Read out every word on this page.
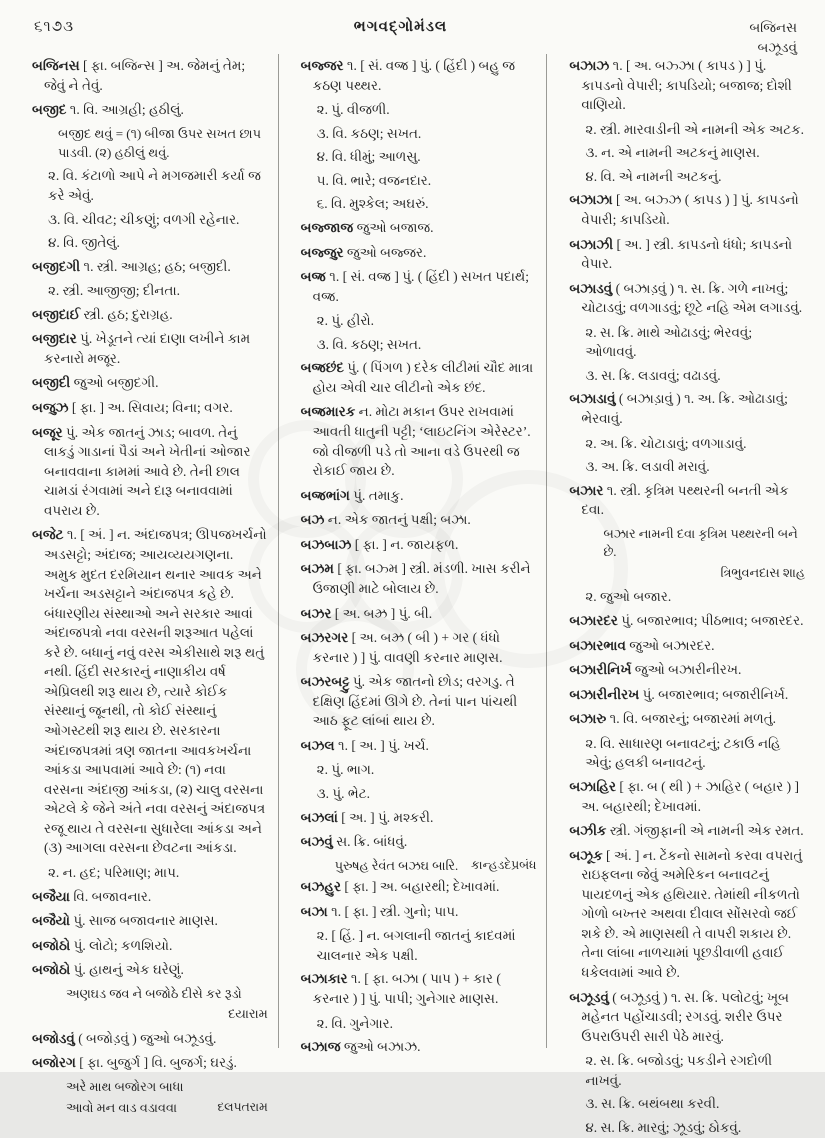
૬૧૭૩	ભગવદ્ગોમંડલ	બજિનસ
બઝૂડવું

બજિનસ [ ફા. બજિન્સ ] અ. જેમનું તેમ; જેવું ને તેવું.

બજીદ ૧. વિ. આગ્રહી; હઠીલું.

બજીદ થવું = (૧) બીજા ઉપર સખત છાપ પાડવી. (૨) હઠીલું થવું.

૨. વિ. કંટાળો આપે ને મગજમારી કર્યા જ કરે એવું.

૩. વિ. ચીવટ; ચીકણું; વળગી રહેનાર.

૪. વિ. જીતેલું.

બજીદગી ૧. સ્ત્રી. આગ્રહ; હઠ; બજીદી.

૨. સ્ત્રી. આજીજી; દીનતા.

બજીદાઈ સ્ત્રી. હઠ; દુરાગ્રહ.

બજીદાર પું. ખેડૂતને ત્યાં દાણા લખીને કામ કરનારો મજૂર.

બજીદી જુઓ બજીદગી.

બજુઝ [ ફા. ] અ. સિવાય; વિના; વગર.

બજૂર પું. એક જાતનું ઝાડ; બાવળ. તેનું લાકડું ગાડાનાં પૈડાં અને ખેતીનાં ઓજાર બનાવવાના કામમાં આવે છે. તેની છાલ ચામડાં રંગવામાં અને દારૂ બનાવવામાં વપરાય છે.

બજેટ ૧. [ અં. ] ન. અંદાજપત્ર; ઊપજખર્ચનો અડસટ્ટો; અંદાજ; આયવ્યયગણના. અમુક મુદત દરમિયાન થનાર આવક અને ખર્ચના અડસટ્ટાને અંદાજપત્ર કહે છે. બંધારણીય સંસ્થાઓ અને સરકાર આવાં અંદાજપત્રો નવા વરસની શરૂઆત પહેલાં કરે છે. બધાનું નવું વરસ એકીસાથે શરૂ થતું નથી. હિંદી સરકારનું નાણાકીય વર્ષ એપ્રિલથી શરૂ થાય છે, ત્યારે કોઈક સંસ્થાનું જૂનથી, તો કોઈ સંસ્થાનું ઓગસ્ટથી શરૂ થાય છે. સરકારના અંદાજપત્રમાં ત્રણ જાતના આવકખર્ચના આંકડા આપવામાં આવે છે: (૧) નવા વરસના અંદાજી આંકડા, (૨) ચાલુ વરસના એટલે કે જેને અંતે નવા વરસનું અંદાજપત્ર રજૂ થાય તે વરસના સુધારેલા આંકડા અને (૩) આગલા વરસના છેવટના આંકડા.

૨. ન. હદ; પરિમાણ; માપ.

બજૈયા વિ. બજાવનાર.

બજૈયો પું. સાજ બજાવનાર માણસ.

બજોઠો પું. લોટો; કળશિયો.

બજોઠો પું. હાથનું એક ઘરેણું.

અણઘડ જવ ને બજોઠે દીસે કર રૂડો

દયારામ

બજોડવું ( બજોડ઼વું ) જુઓ બઝૂડવું.

બજોરગ [ ફા. બુજુર્ગ ] વિ. બુજર્ગ; ઘરડું.

અરે માથ બજોરગ બાધા

દલપતરામ
આવો મન વાડ વડાવવા

બજ્જર ૧. [ સં. વજ્ર ] પું. ( હિંદી ) બહુ જ કઠણ પથ્થર.

૨. પું. વીજળી.

૩. વિ. કઠણ; સખત.

૪. વિ. ધીમું; આળસુ.

૫. વિ. ભારે; વજનદાર.

૬. વિ. મુશ્કેલ; અઘરું.

બજ્જાજ જુઓ બજાજ.

બજ્જુર જુઓ બજ્જર.

બજ્ર ૧. [ સં. વજ્ર ] પું. ( હિંદી ) સખત પદાર્થ; વજ્ર.

૨. પું. હીરો.

૩. વિ. કઠણ; સખત.

બજ્રછંદ પું. ( પિંગળ ) દરેક લીટીમાં ચૌદ માત્રા હોય એવી ચાર લીટીનો એક છંદ.

બજ્રમારક ન. મોટા મકાન ઉપર રાખવામાં આવતી ધાતુની પટ્ટી; ‘લાઇટનિંગ એરેસ્ટર’. જો વીજળી પડે તો આના વડે ઉપરથી જ રોકાઈ જાય છે.

બજ્રભાંગ પું. તમાકુ.

બઝ ન. એક જાતનું પક્ષી; બઝા.

બઝબાઝ [ ફા. ] ન. જાયફળ.

બઝમ [ ફા. બઝ્મ ] સ્ત્રી. મંડળી. ખાસ કરીને ઉજાણી માટે બોલાય છે.

બઝર [ અ. બઝ્ર ] પું. બી.

બઝરગર [ અ. બઝ્ર ( બી ) + ગર ( ધંધો કરનાર ) ] પું. વાવણી કરનાર માણસ.

બઝરબટ્ટુ પું. એક જાતનો છોડ; વરગડુ. તે દક્ષિણ હિંદમાં ઊગે છે. તેનાં પાન પાંચથી આઠ ફૂટ લાંબાં થાય છે.

બઝલ ૧. [ અ. ] પું. ખર્ચ.

૨. પું. ભાગ.

૩. પું. ભેટ.

બઝલાં [ અ. ] પું. મશ્કરી.

બઝવું સ. ક્રિ. બાંધવું.

કાન્હડદેપ્રબંધ
પુરુષહ રેવંત બઝઘ બારિ.

બઝહુર [ ફા. ] અ. બહારથી; દેખાવમાં.

બઝા ૧. [ ફા. ] સ્ત્રી. ગુનો; પાપ.

૨. [ હિં. ] ન. બગલાની જાતનું કાદવમાં ચાલનાર એક પક્ષી.

બઝાકાર ૧. [ ફા. બઝા ( પાપ ) + કાર ( કરનાર ) ] પું. પાપી; ગુનેગાર માણસ.

૨. વિ. ગુનેગાર.

બઝાજ જુઓ બઝાઝ.

બઝાઝ ૧. [ અ. બઝ્ઝા ( કાપડ ) ] પું. કાપડનો વેપારી; કાપડિયો; બજાજ; દોશી વાણિયો.

૨. સ્ત્રી. મારવાડીની એ નામની એક અટક.

૩. ન. એ નામની અટકનું માણસ.

૪. વિ. એ નામની અટકનું.

બઝાઝા [ અ. બઝ્ઝ ( કાપડ ) ] પું. કાપડનો વેપારી; કાપડિયો.

બઝાઝી [ અ. ] સ્ત્રી. કાપડનો ધંધો; કાપડનો વેપાર.

બઝાડવું ( બઝાડ઼વું ) ૧. સ. ક્રિ. ગળે નાખવું; ચોટાડવું; વળગાડવું; છૂટે નહિ એમ લગાડવું.

૨. સ. ક્રિ. માથે ઓઢાડવું; ભેરવવું; ઓળાવવું.

૩. સ. ક્રિ. લડાવવું; વઢાડવું.

બઝાડાવું ( બઝાડ઼ાવું ) ૧. અ. ક્રિ. ઓઢાડાવું; ભેરવાવું.

૨. અ. ક્રિ. ચોટાડાવું; વળગાડાવું.

૩. અ. ક્રિ. લડાવી મરાવું.

બઝાર ૧. સ્ત્રી. કૃત્રિમ પથ્થરની બનતી એક દવા.

બઝાર નામની દવા કૃત્રિમ પથ્થરની બને છે.

ત્રિભુવનદાસ શાહ

૨. જુઓ બજાર.

બઝારદર પું. બજારભાવ; પીઠભાવ; બજારદર.

બઝારભાવ જુઓ બઝારદર.

બઝારીનિર્ખ જુઓ બઝારીનીરખ.

બઝારીનીરખ પું. બજારભાવ; બજારીનિર્ખ.

બઝારુ ૧. વિ. બજારનું; બજારમાં મળતું.

૨. વિ. સાધારણ બનાવટનું; ટકાઉ નહિ એવું; હલકી બનાવટનું.

બઝાહિર [ ફા. બ ( થી ) + ઝાહિર ( બહાર ) ] અ. બહારથી; દેખાવમાં.

બઝીક સ્ત્રી. ગંજીફાની એ નામની એક રમત.

બઝૂક [ અં. ] ન. ટેંકનો સામનો કરવા વપરાતું રાઇફલના જેવું અમેરિકન બનાવટનું પાયદળનું એક હથિયાર. તેમાંથી નીકળતો ગોળો બખ્તર અથવા દીવાલ સોંસરવો જઈ શકે છે. એ માણસથી તે વાપરી શકાય છે. તેના લાંબા નાળચામાં પૂછડીવાળી હવાઈ ધકેલવામાં આવે છે.

બઝૂડવું ( બઝૂડ઼વું ) ૧. સ. ક્રિ. પલોટવું; ખૂબ મહેનત પહોંચાડવી; રગડવું. શરીર ઉપર ઉપરાઉપરી સારી પેઠે મારવું.

૨. સ. ક્રિ. બજોડવું; પકડીને રગદોળી નાખવું.

૩. સ. ક્રિ. બથંબથા કરવી.

૪. સ. ક્રિ. મારવું; ઝૂડવું; ઠોકવું.
